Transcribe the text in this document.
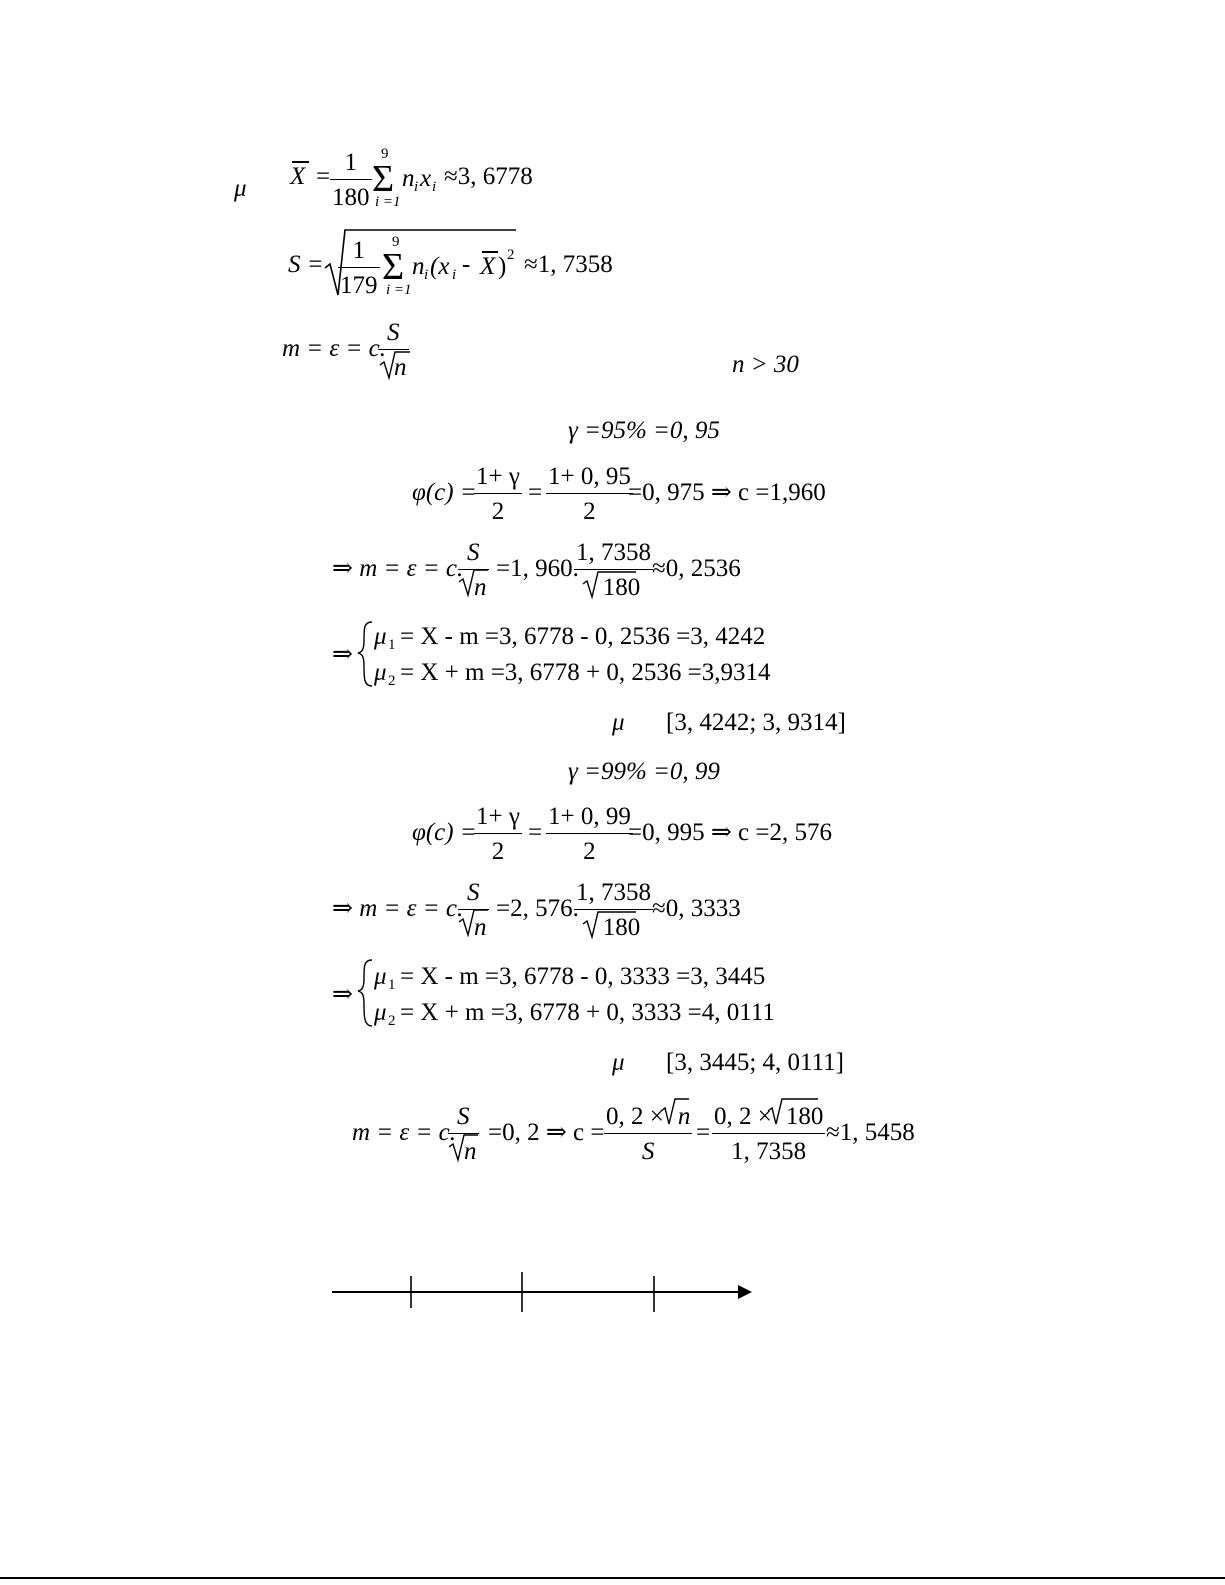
μ $X = \frac{1}{180} 9$
Σ
i =1
n i x i ≈3, 6778
$S = \frac{1}{179} 9$
Σ
i =1
n i (x i - X ) 2 ≈1, 7358
m = ε = c.
$\frac{S}{n}$	n > 30
γ =95% =0, 95
φ(c) =
$\frac{1+ \gamma}{2} = \frac{1+ 0, 95}{2}$
=0, 975 ⇒ c =1,960
⇒ m = ε = c.
$\frac{S}{n} =1$, 960.
$\frac{1, 7358}{180} \approx 0$, 2536
⇒
μ 1 = X - m =3, 6778 - 0, 2536 =3, 4242
μ 2 = X + m =3, 6778 + 0, 2536 =3,9314
μ [3, 4242; 3, 9314]
γ =99% =0, 99
φ(c) =
$\frac{1+ \gamma}{2} = \frac{1+ 0, 99}{2}$
=0, 995 ⇒ c =2, 576
⇒ m = ε = c.
$\frac{S}{n} =2$, 576.
$\frac{1, 7358}{180} \approx 0$, 3333
⇒
μ 1 = X - m =3, 6778 - 0, 3333 =3, 3445
μ 2 = X + m =3, 6778 + 0, 3333 =4, 0111
μ [3, 3445; 4, 0111]
m = ε = c.
$\frac{S}{n} =0$, 2 ⇒ $c = \frac{0, 2 \times n}{S} = \frac{0, 2 \times 180}{1, 7358} \approx 1$, 5458
